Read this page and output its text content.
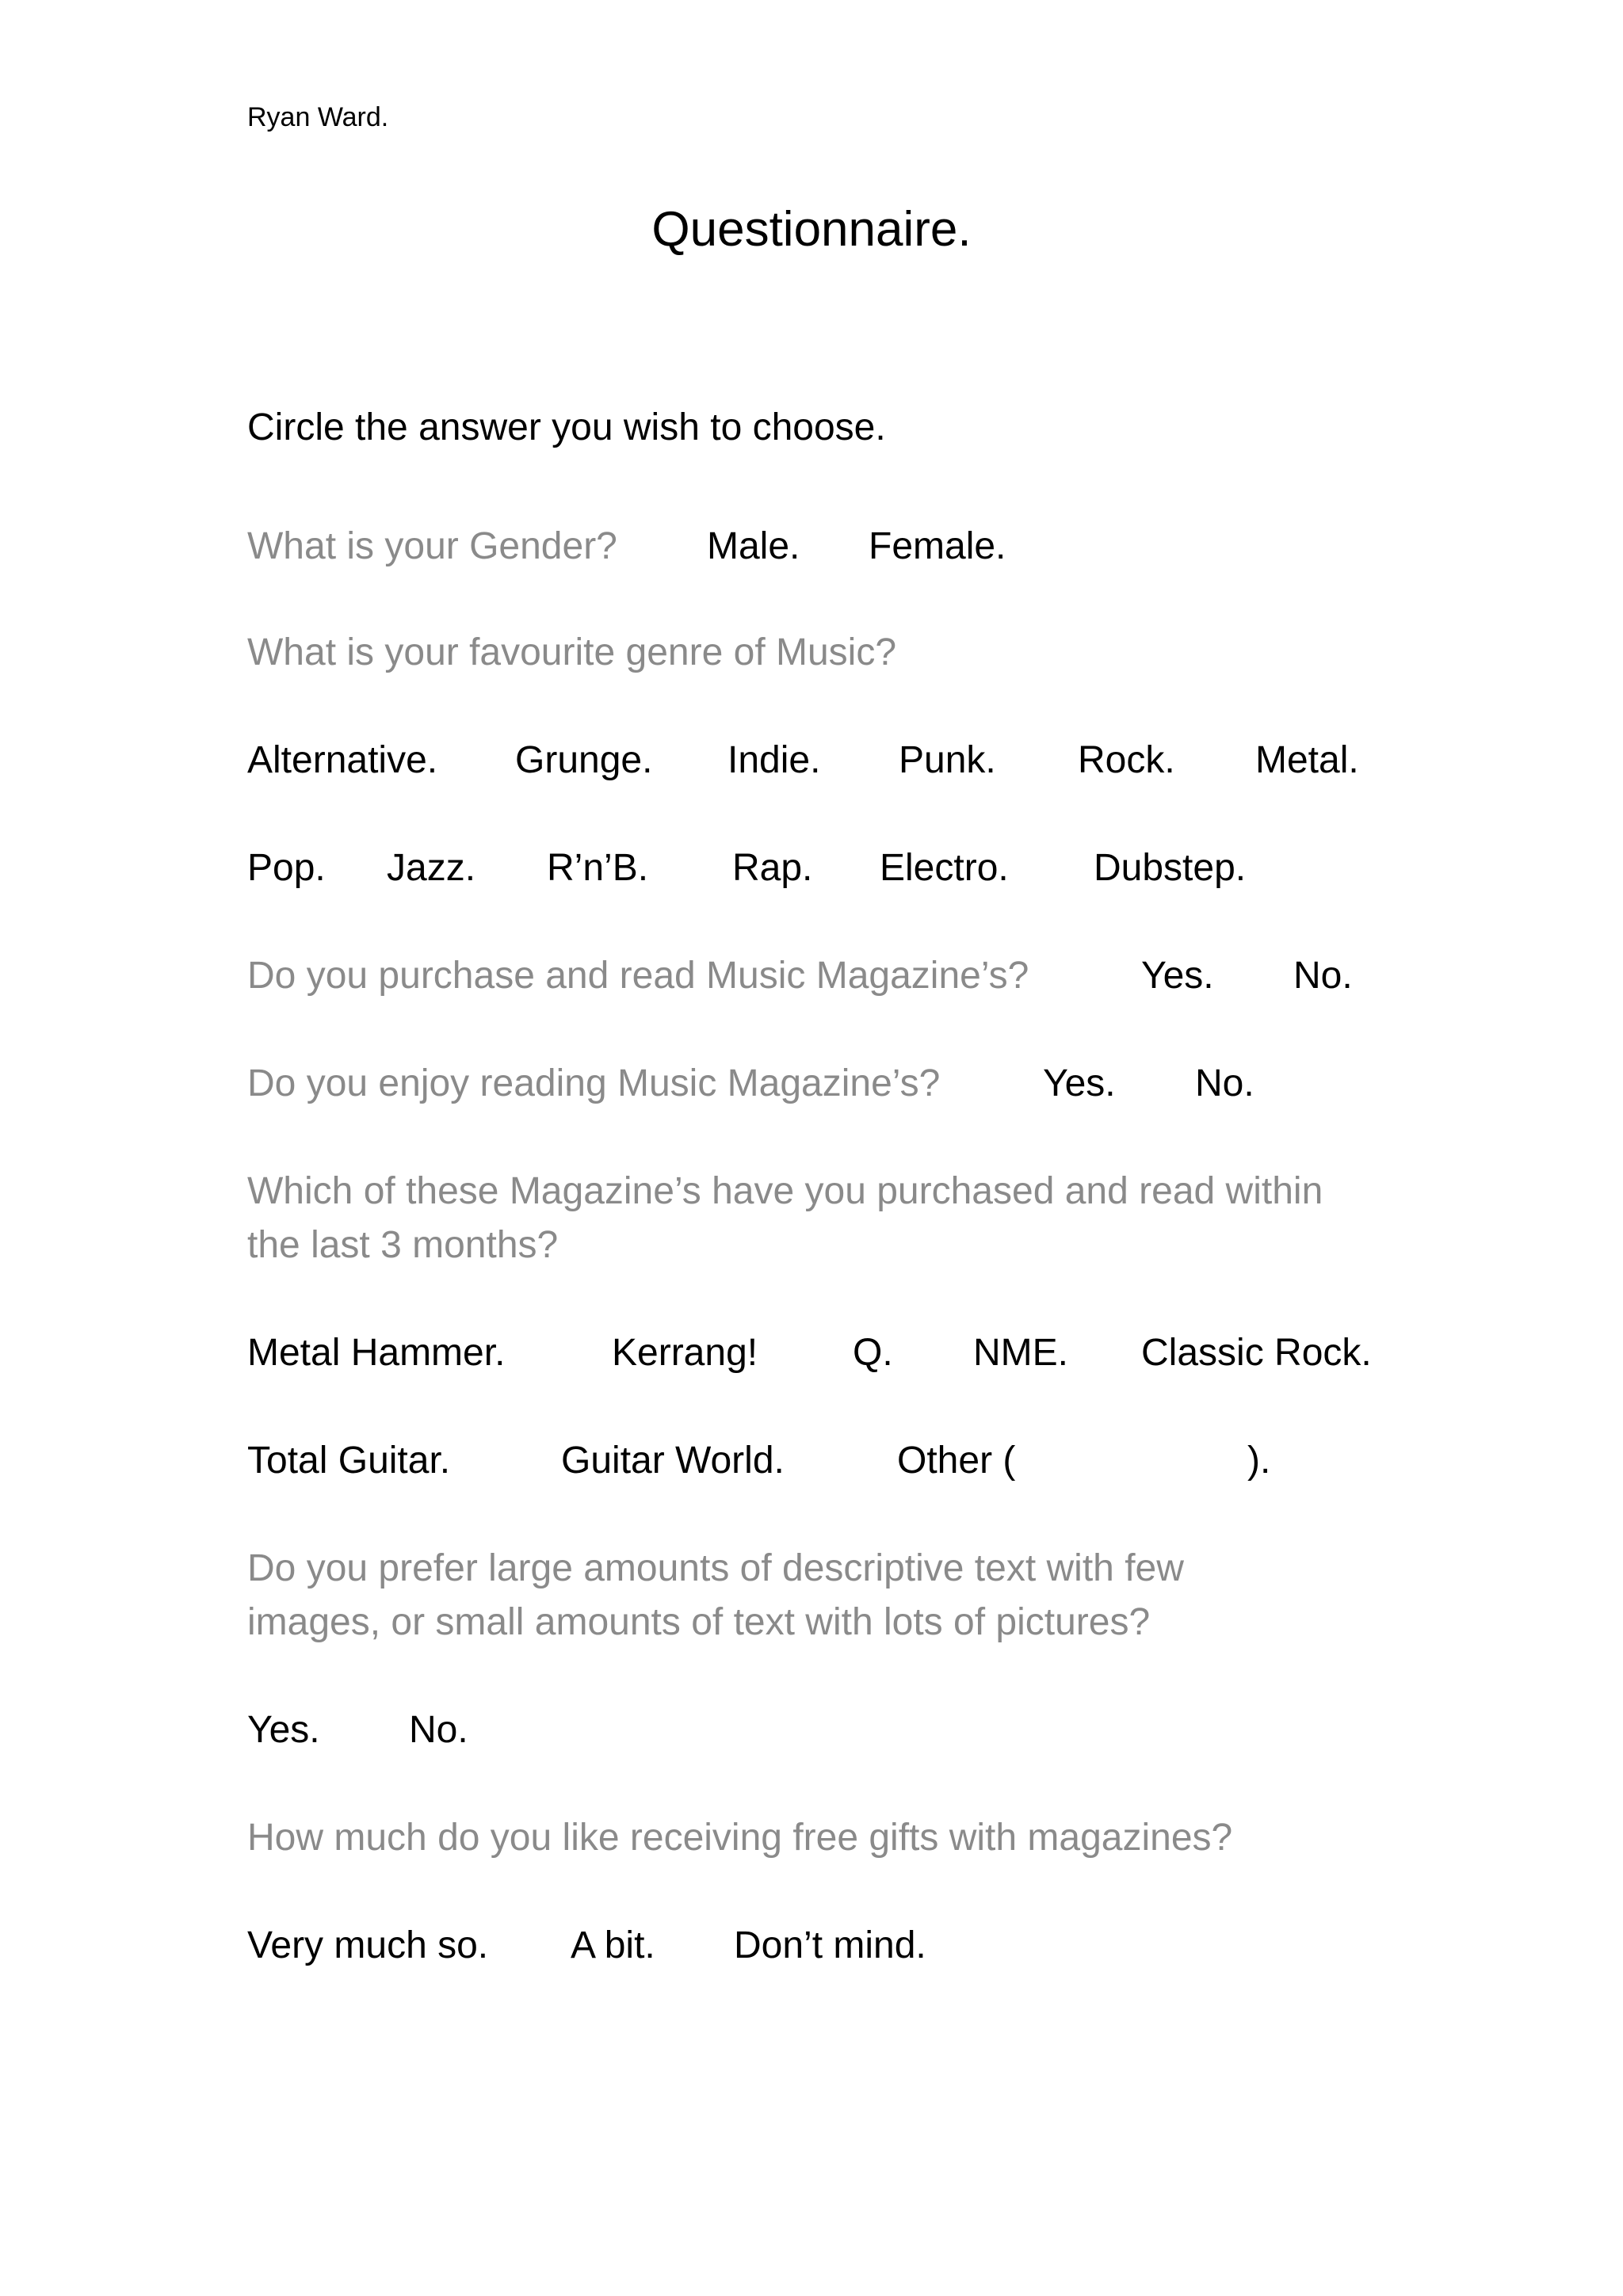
Ryan Ward.
Questionnaire.
Circle the answer you wish to choose.
What is your Gender? Male. Female.
What is your favourite genre of Music?
Alternative. Grunge. Indie. Punk. Rock. Metal.
Pop. Jazz. R’n’B. Rap. Electro. Dubstep.
Do you purchase and read Music Magazine’s?	Yes. No.
Do you enjoy reading Music Magazine’s?	Yes. No.
Which of these Magazine’s have you purchased and read within
the last 3 months?
Metal Hammer.	Kerrang! Q. NME. Classic Rock.
Total Guitar.	Guitar World.	Other (	).
Do you prefer large amounts of descriptive text with few
images, or small amounts of text with lots of pictures?
Yes. No.
How much do you like receiving free gifts with magazines?
Very much so. A bit. Don’t mind.
